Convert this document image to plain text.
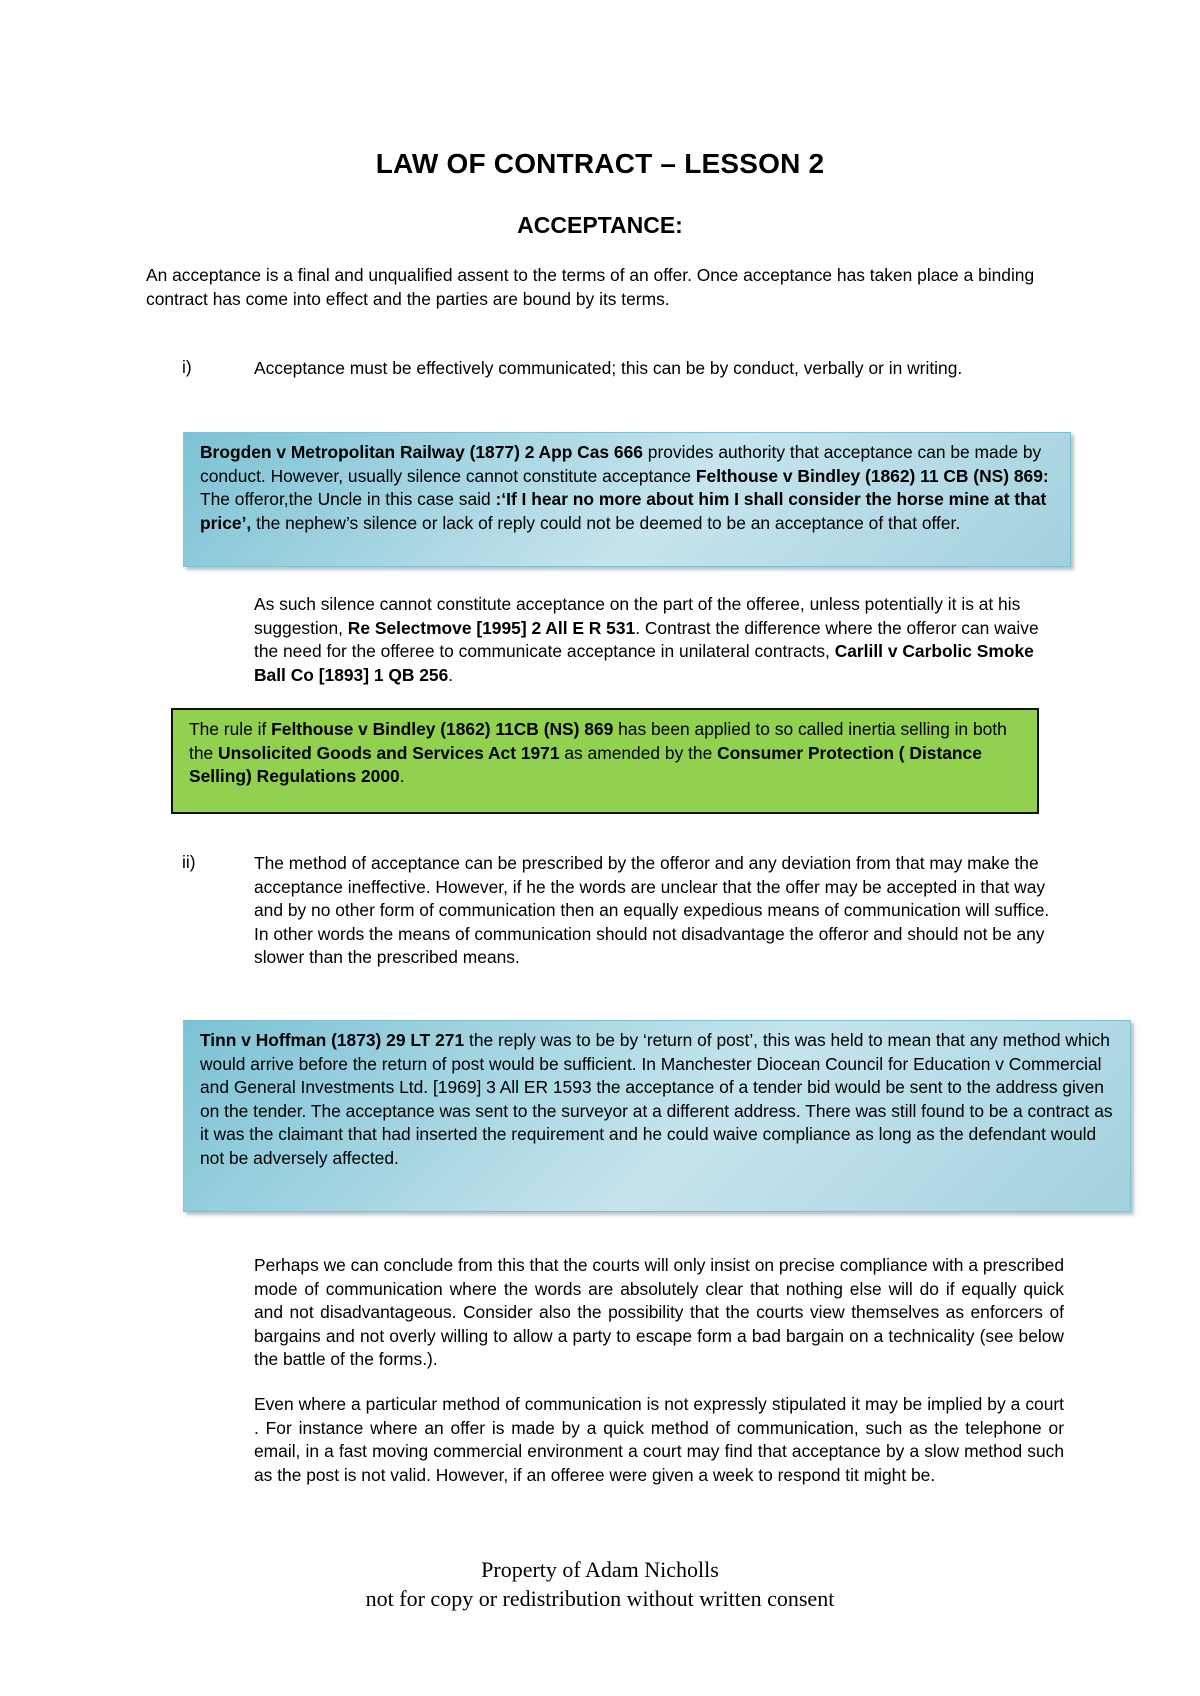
LAW OF CONTRACT – LESSON 2
ACCEPTANCE:
An acceptance is a final and unqualified assent to the terms of an offer. Once acceptance has taken place a binding contract has come into effect and the parties are bound by its terms.
i)	Acceptance must be effectively communicated; this can be by conduct, verbally or in writing.
Brogden v Metropolitan Railway (1877) 2 App Cas 666 provides authority that acceptance can be made by conduct. However, usually silence cannot constitute acceptance Felthouse v Bindley (1862) 11 CB (NS) 869: The offeror,the Uncle in this case said :‘If I hear no more about him I shall consider the horse mine at that price’, the nephew’s silence or lack of reply could not be deemed to be an acceptance of that offer.
As such silence cannot constitute acceptance on the part of the offeree, unless potentially it is at his suggestion, Re Selectmove [1995] 2 All E R 531. Contrast the difference where the offeror can waive the need for the offeree to communicate acceptance in unilateral contracts, Carlill v Carbolic Smoke Ball Co [1893] 1 QB 256.
The rule if Felthouse v Bindley (1862) 11CB (NS) 869 has been applied to so called inertia selling in both the Unsolicited Goods and Services Act 1971 as amended by the Consumer Protection ( Distance Selling) Regulations 2000.
ii)	The method of acceptance can be prescribed by the offeror and any deviation from that may make the acceptance ineffective. However, if he the words are unclear that the offer may be accepted in that way and by no other form of communication then an equally expedious means of communication will suffice. In other words the means of communication should not disadvantage the offeror and should not be any slower than the prescribed means.
Tinn v Hoffman (1873) 29 LT 271 the reply was to be by ‘return of post’, this was held to mean that any method which would arrive before the return of post would be sufficient. In Manchester Diocean Council for Education v Commercial and General Investments Ltd. [1969] 3 All ER 1593 the acceptance of a tender bid would be sent to the address given on the tender. The acceptance was sent to the surveyor at a different address. There was still found to be a contract as it was the claimant that had inserted the requirement and he could waive compliance as long as the defendant would not be adversely affected.
Perhaps we can conclude from this that the courts will only insist on precise compliance with a prescribed mode of communication where the words are absolutely clear that nothing else will do if equally quick and not disadvantageous. Consider also the possibility that the courts view themselves as enforcers of bargains and not overly willing to allow a party to escape form a bad bargain on a technicality (see below the battle of the forms.).
Even where a particular method of communication is not expressly stipulated it may be implied by a court . For instance where an offer is made by a quick method of communication, such as the telephone or email, in a fast moving commercial environment a court may find that acceptance by a slow method such as the post is not valid. However, if an offeree were given a week to respond tit might be.
Property of Adam Nicholls
not for copy or redistribution without written consent
